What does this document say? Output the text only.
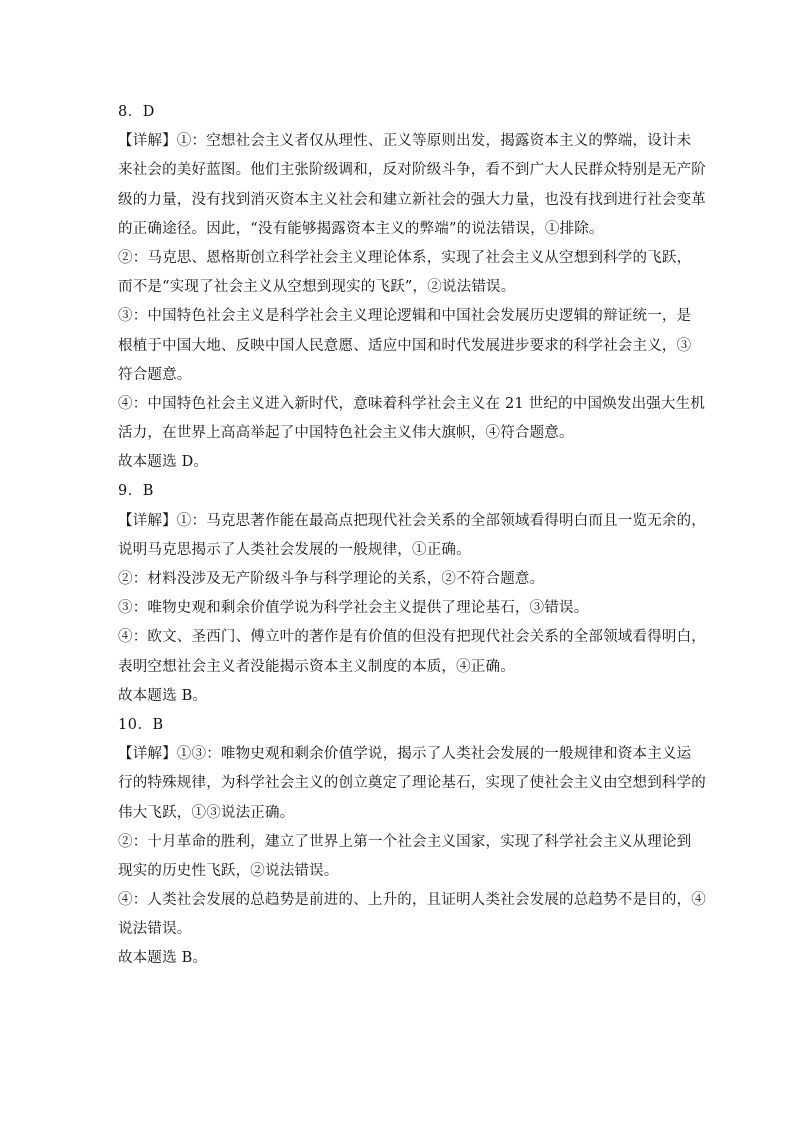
8．D
【详解】①：空想社会主义者仅从理性、正义等原则出发，揭露资本主义的弊端，设计未
来社会的美好蓝图。他们主张阶级调和，反对阶级斗争，看不到广大人民群众特别是无产阶
级的力量，没有找到消灭资本主义社会和建立新社会的强大力量，也没有找到进行社会变革
的正确途径。因此，“没有能够揭露资本主义的弊端”的说法错误，①排除。
②：马克思、恩格斯创立科学社会主义理论体系，实现了社会主义从空想到科学的飞跃，
而不是“实现了社会主义从空想到现实的飞跃”，②说法错误。
③：中国特色社会主义是科学社会主义理论逻辑和中国社会发展历史逻辑的辩证统一，是
根植于中国大地、反映中国人民意愿、适应中国和时代发展进步要求的科学社会主义，③
符合题意。
④：中国特色社会主义进入新时代，意味着科学社会主义在 21 世纪的中国焕发出强大生机
活力，在世界上高高举起了中国特色社会主义伟大旗帜，④符合题意。
故本题选 D。
9．B
【详解】①：马克思著作能在最高点把现代社会关系的全部领域看得明白而且一览无余的，
说明马克思揭示了人类社会发展的一般规律，①正确。
②：材料没涉及无产阶级斗争与科学理论的关系，②不符合题意。
③：唯物史观和剩余价值学说为科学社会主义提供了理论基石，③错误。
④：欧文、圣西门、傅立叶的著作是有价值的但没有把现代社会关系的全部领域看得明白，
表明空想社会主义者没能揭示资本主义制度的本质，④正确。
故本题选 B。
10．B
【详解】①③：唯物史观和剩余价值学说，揭示了人类社会发展的一般规律和资本主义运
行的特殊规律，为科学社会主义的创立奠定了理论基石，实现了使社会主义由空想到科学的
伟大飞跃，①③说法正确。
②：十月革命的胜利，建立了世界上第一个社会主义国家，实现了科学社会主义从理论到
现实的历史性飞跃，②说法错误。
④：人类社会发展的总趋势是前进的、上升的，且证明人类社会发展的总趋势不是目的，④
说法错误。
故本题选 B。
